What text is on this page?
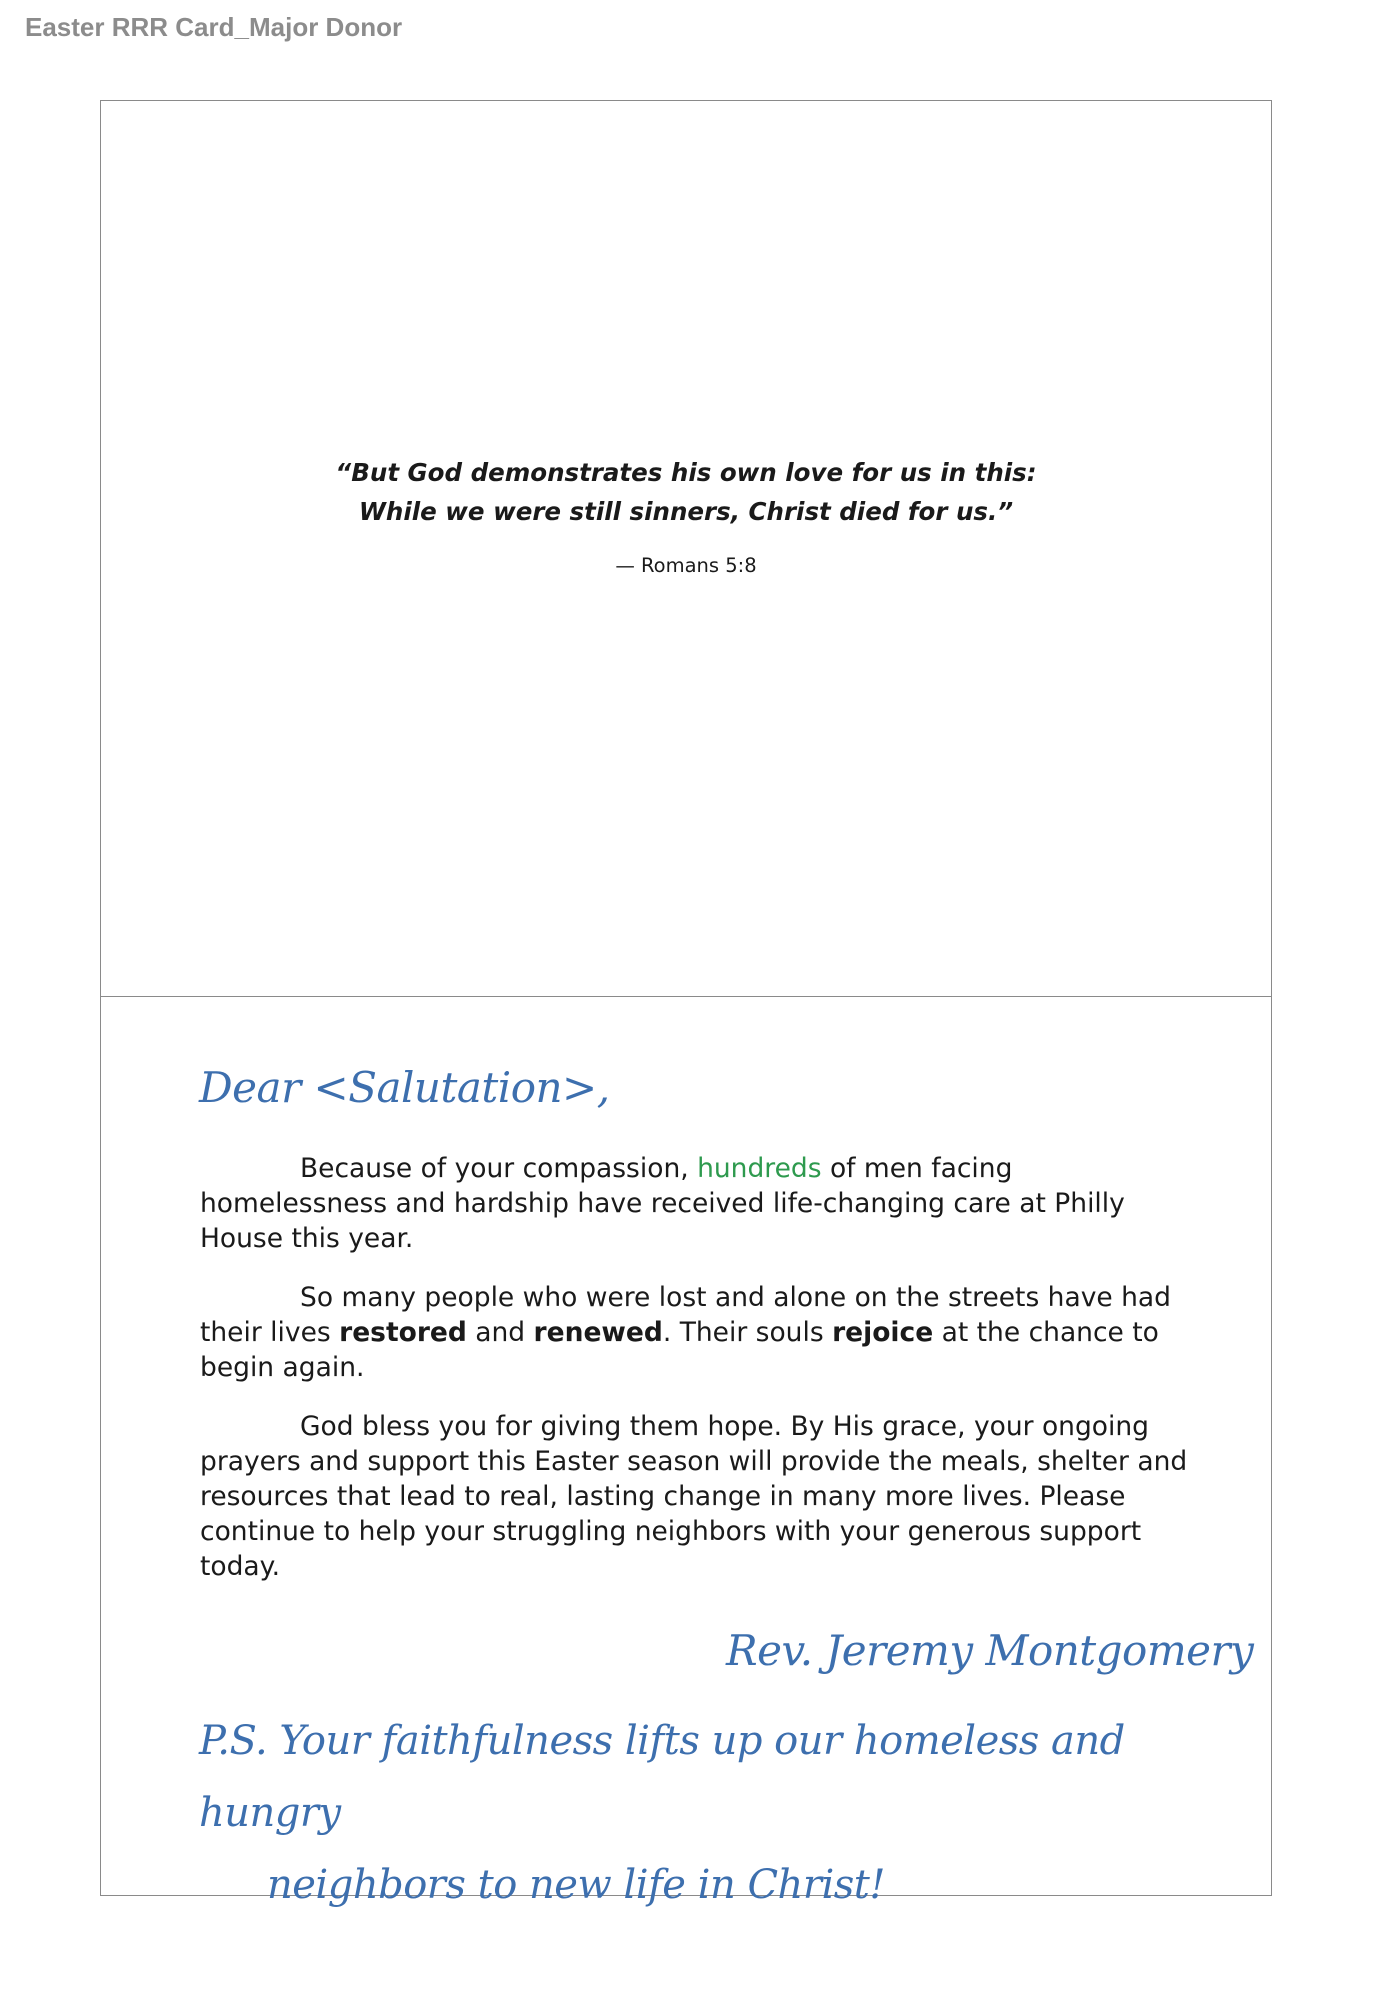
Easter RRR Card_Major Donor
“But God demonstrates his own love for us in this:
While we were still sinners, Christ died for us.”
— Romans 5:8
Dear <Salutation>,

Because of your compassion, hundreds of men facing homelessness and hardship have received life-changing care at Philly House this year.

So many people who were lost and alone on the streets have had their lives restored and renewed. Their souls rejoice at the chance to begin again.

God bless you for giving them hope. By His grace, your ongoing prayers and support this Easter season will provide the meals, shelter and resources that lead to real, lasting change in many more lives. Please continue to help your struggling neighbors with your generous support today.

Rev. Jeremy Montgomery
P.S. Your faithfulness lifts up our homeless and hungry
neighbors to new life in Christ!
